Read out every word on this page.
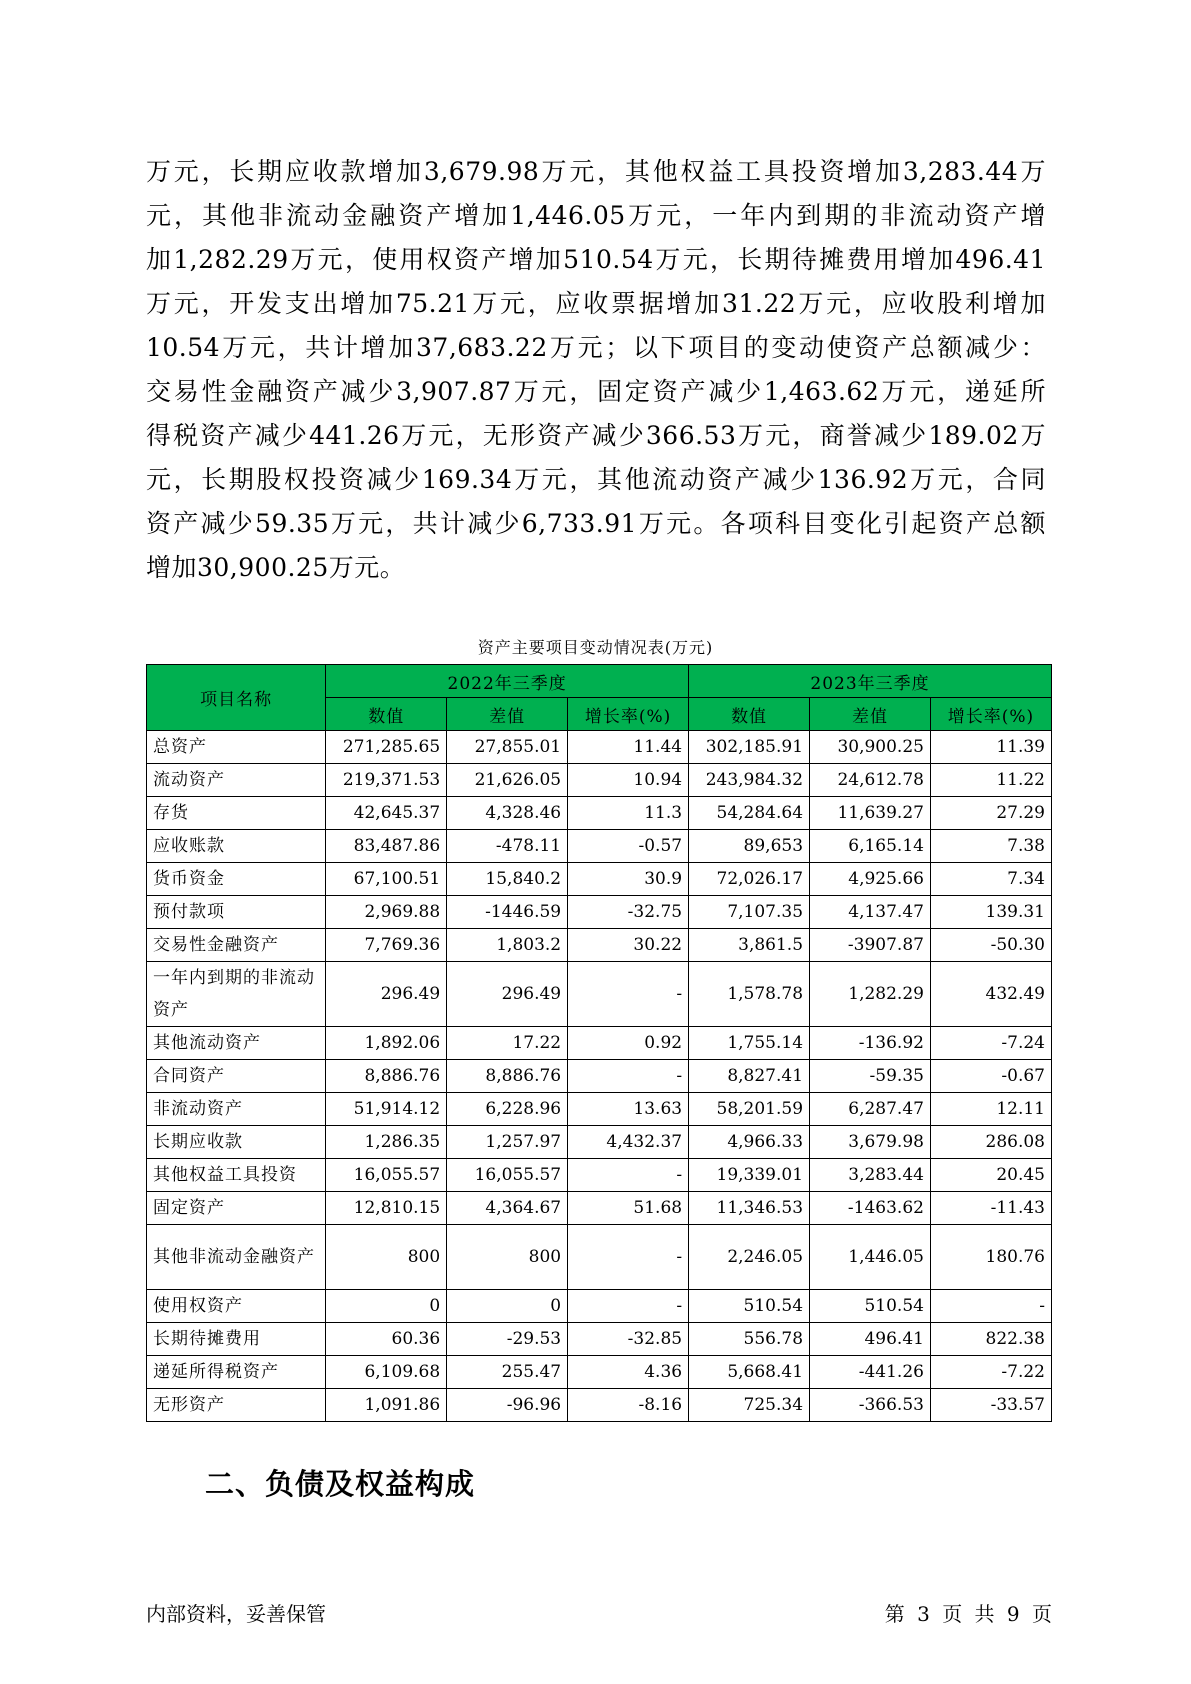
万元，长期应收款增加3,679.98万元，其他权益工具投资增加3,283.44万
元，其他非流动金融资产增加1,446.05万元，一年内到期的非流动资产增
加1,282.29万元，使用权资产增加510.54万元，长期待摊费用增加496.41
万元，开发支出增加75.21万元，应收票据增加31.22万元，应收股利增加
10.54万元，共计增加37,683.22万元；以下项目的变动使资产总额减少：
交易性金融资产减少3,907.87万元，固定资产减少1,463.62万元，递延所
得税资产减少441.26万元，无形资产减少366.53万元，商誉减少189.02万
元，长期股权投资减少169.34万元，其他流动资产减少136.92万元，合同
资产减少59.35万元，共计减少6,733.91万元。各项科目变化引起资产总额
增加30,900.25万元。
资产主要项目变动情况表(万元)
项目名称	2022年三季度			2023年三季度		
	数值	差值	增长率(%)	数值	差值	增长率(%)
总资产	271,285.65	27,855.01	11.44	302,185.91	30,900.25	11.39
流动资产	219,371.53	21,626.05	10.94	243,984.32	24,612.78	11.22
存货	42,645.37	4,328.46	11.3	54,284.64	11,639.27	27.29
应收账款	83,487.86	-478.11	-0.57	89,653	6,165.14	7.38
货币资金	67,100.51	15,840.2	30.9	72,026.17	4,925.66	7.34
预付款项	2,969.88	-1446.59	-32.75	7,107.35	4,137.47	139.31
交易性金融资产	7,769.36	1,803.2	30.22	3,861.5	-3907.87	-50.30
一年内到期的非流动资产	296.49	296.49	-	1,578.78	1,282.29	432.49
其他流动资产	1,892.06	17.22	0.92	1,755.14	-136.92	-7.24
合同资产	8,886.76	8,886.76	-	8,827.41	-59.35	-0.67
非流动资产	51,914.12	6,228.96	13.63	58,201.59	6,287.47	12.11
长期应收款	1,286.35	1,257.97	4,432.37	4,966.33	3,679.98	286.08
其他权益工具投资	16,055.57	16,055.57	-	19,339.01	3,283.44	20.45
固定资产	12,810.15	4,364.67	51.68	11,346.53	-1463.62	-11.43
其他非流动金融资产	800	800	-	2,246.05	1,446.05	180.76
使用权资产	0	0	-	510.54	510.54	-
长期待摊费用	60.36	-29.53	-32.85	556.78	496.41	822.38
递延所得税资产	6,109.68	255.47	4.36	5,668.41	-441.26	-7.22
无形资产	1,091.86	-96.96	-8.16	725.34	-366.53	-33.57
二、负债及权益构成
内部资料，妥善保管	第 3 页 共 9 页
